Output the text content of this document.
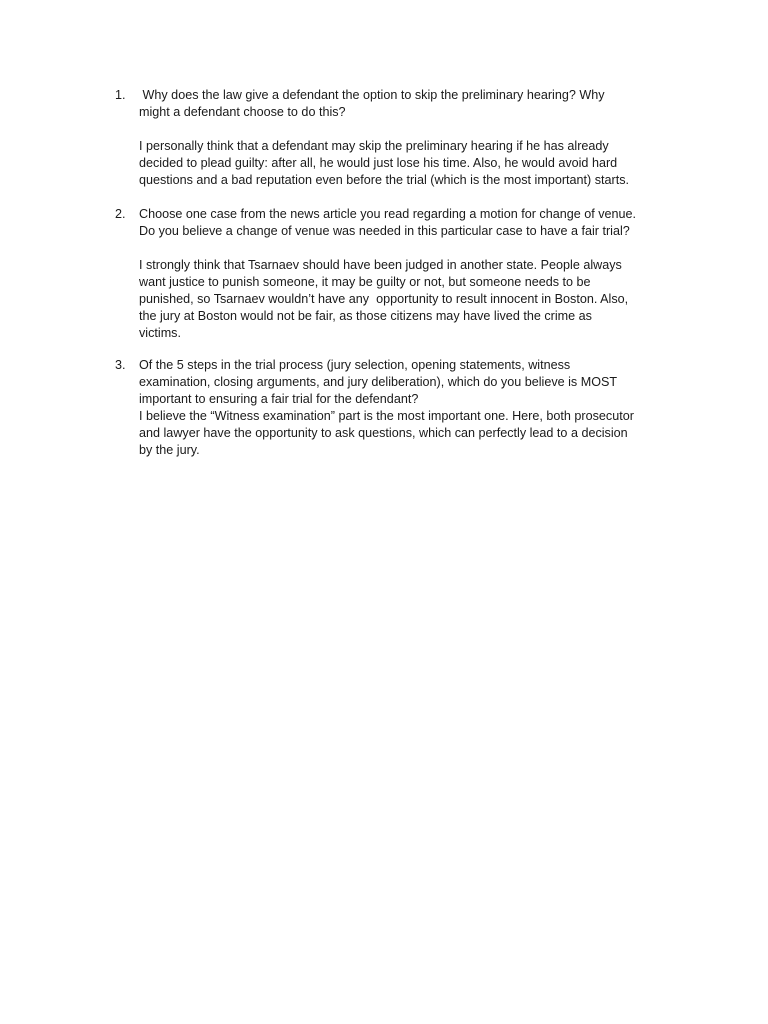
1.	Why does the law give a defendant the option to skip the preliminary hearing? Why
might a defendant choose to do this?
I personally think that a defendant may skip the preliminary hearing if he has already
decided to plead guilty: after all, he would just lose his time. Also, he would avoid hard
questions and a bad reputation even before the trial (which is the most important) starts.
2.	Choose one case from the news article you read regarding a motion for change of venue.
Do you believe a change of venue was needed in this particular case to have a fair trial?
I strongly think that Tsarnaev should have been judged in another state. People always
want justice to punish someone, it may be guilty or not, but someone needs to be
punished, so Tsarnaev wouldn’t have any  opportunity to result innocent in Boston. Also,
the jury at Boston would not be fair, as those citizens may have lived the crime as
victims.
3.	Of the 5 steps in the trial process (jury selection, opening statements, witness
examination, closing arguments, and jury deliberation), which do you believe is MOST
important to ensuring a fair trial for the defendant?
I believe the “Witness examination” part is the most important one. Here, both prosecutor
and lawyer have the opportunity to ask questions, which can perfectly lead to a decision
by the jury.
